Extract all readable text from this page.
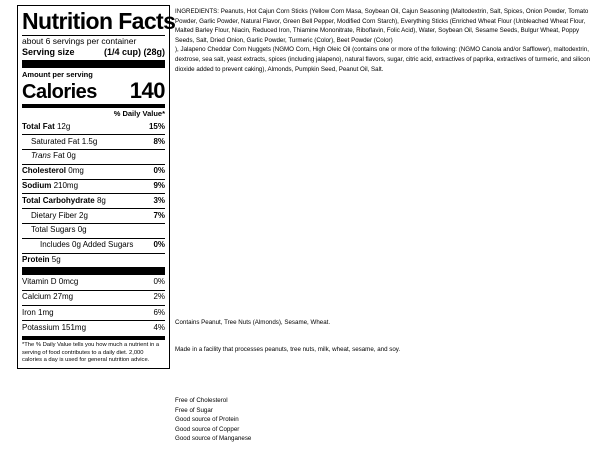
Nutrition Facts
about 6 servings per container
Serving size	(1/4 cup) (28g)
Amount per serving
Calories 140
% Daily Value*
Total Fat 12g	15%
Saturated Fat 1.5g	8%
Trans Fat 0g
Cholesterol 0mg	0%
Sodium 210mg	9%
Total Carbohydrate 8g	3%
Dietary Fiber 2g	7%
Total Sugars 0g
Includes 0g Added Sugars	0%
Protein 5g
Vitamin D 0mcg	0%
Calcium 27mg	2%
Iron 1mg	6%
Potassium 151mg	4%
*The % Daily Value tells you how much a nutrient in a serving of food contributes to a daily diet. 2,000 calories a day is used for general nutrition advice.

INGREDIENTS: Peanuts, Hot Cajun Corn Sticks (Yellow Corn Masa, Soybean Oil, Cajun Seasoning (Maltodextrin, Salt, Spices, Onion Powder, Tomato Powder, Garlic Powder, Natural Flavor, Green Bell Pepper, Modified Corn Starch), Everything Sticks (Enriched Wheat Flour (Unbleached Wheat Flour, Malted Barley Flour, Niacin, Reduced Iron, Thiamine Mononitrate, Riboflavin, Folic Acid), Water, Soybean Oil, Sesame Seeds, Bulgur Wheat, Poppy Seeds, Salt, Dried Onion, Garlic Powder, Turmeric (Color), Beet Powder (Color)

), Jalapeno Cheddar Corn Nuggets (NGMO Corn, High Oleic Oil (contains one or more of the following: (NGMO Canola and/or Safflower), maltodextrin, dextrose, sea salt, yeast extracts, spices (including jalapeno), natural flavors, sugar, citric acid, extractives of paprika, extractives of turmeric, and silicon dioxide added to prevent caking), Almonds, Pumpkin Seed, Peanut Oil, Salt.

Contains Peanut, Tree Nuts (Almonds), Sesame, Wheat.
Made in a facility that processes peanuts, tree nuts, milk, wheat, sesame, and soy.
Free of Cholesterol
Free of Sugar
Good source of Protein
Good source of Copper
Good source of Manganese
